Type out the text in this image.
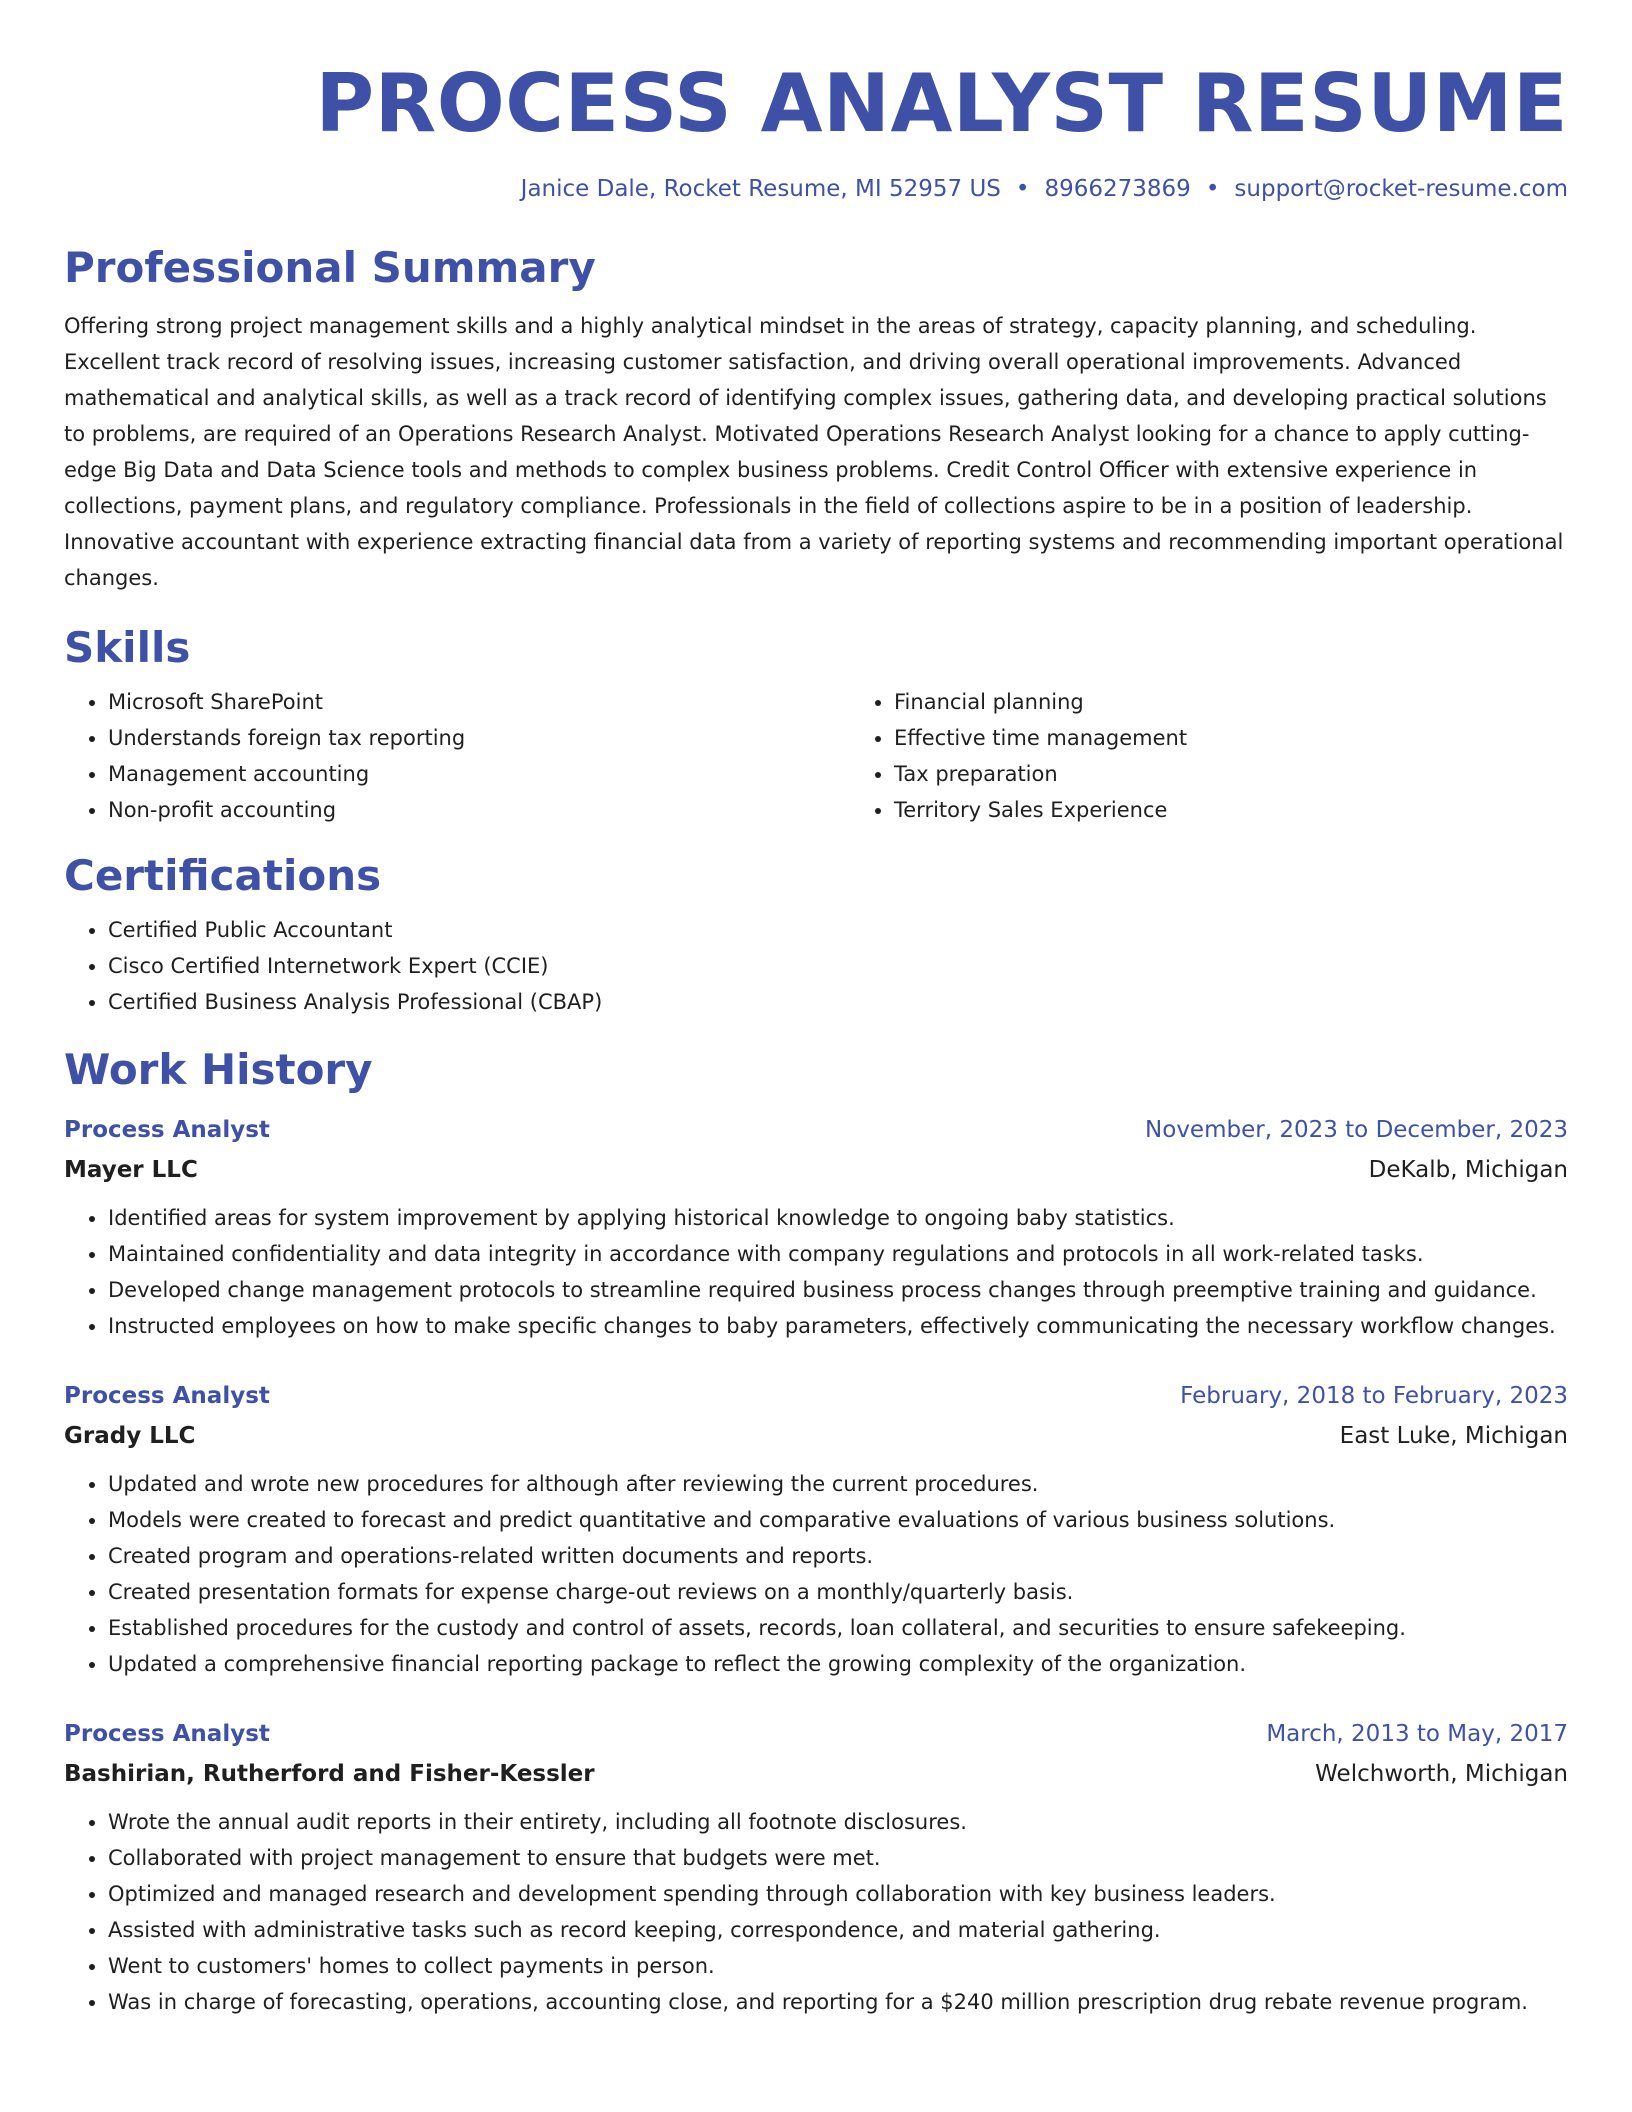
PROCESS ANALYST RESUME
Janice Dale, Rocket Resume, MI 52957 US • 8966273869 • support@rocket-resume.com
Professional Summary
Offering strong project management skills and a highly analytical mindset in the areas of strategy, capacity planning, and scheduling. Excellent track record of resolving issues, increasing customer satisfaction, and driving overall operational improvements. Advanced mathematical and analytical skills, as well as a track record of identifying complex issues, gathering data, and developing practical solutions to problems, are required of an Operations Research Analyst. Motivated Operations Research Analyst looking for a chance to apply cutting-edge Big Data and Data Science tools and methods to complex business problems. Credit Control Officer with extensive experience in collections, payment plans, and regulatory compliance. Professionals in the field of collections aspire to be in a position of leadership. Innovative accountant with experience extracting financial data from a variety of reporting systems and recommending important operational changes.
Skills
• Microsoft SharePoint
• Understands foreign tax reporting
• Management accounting
• Non-profit accounting
• Financial planning
• Effective time management
• Tax preparation
• Territory Sales Experience
Certifications
• Certified Public Accountant
• Cisco Certified Internetwork Expert (CCIE)
• Certified Business Analysis Professional (CBAP)
Work History
Process Analyst	November, 2023 to December, 2023
Mayer LLC	DeKalb, Michigan
• Identified areas for system improvement by applying historical knowledge to ongoing baby statistics.
• Maintained confidentiality and data integrity in accordance with company regulations and protocols in all work-related tasks.
• Developed change management protocols to streamline required business process changes through preemptive training and guidance.
• Instructed employees on how to make specific changes to baby parameters, effectively communicating the necessary workflow changes.
Process Analyst	February, 2018 to February, 2023
Grady LLC	East Luke, Michigan
• Updated and wrote new procedures for although after reviewing the current procedures.
• Models were created to forecast and predict quantitative and comparative evaluations of various business solutions.
• Created program and operations-related written documents and reports.
• Created presentation formats for expense charge-out reviews on a monthly/quarterly basis.
• Established procedures for the custody and control of assets, records, loan collateral, and securities to ensure safekeeping.
• Updated a comprehensive financial reporting package to reflect the growing complexity of the organization.
Process Analyst	March, 2013 to May, 2017
Bashirian, Rutherford and Fisher-Kessler	Welchworth, Michigan
• Wrote the annual audit reports in their entirety, including all footnote disclosures.
• Collaborated with project management to ensure that budgets were met.
• Optimized and managed research and development spending through collaboration with key business leaders.
• Assisted with administrative tasks such as record keeping, correspondence, and material gathering.
• Went to customers' homes to collect payments in person.
• Was in charge of forecasting, operations, accounting close, and reporting for a $240 million prescription drug rebate revenue program.
